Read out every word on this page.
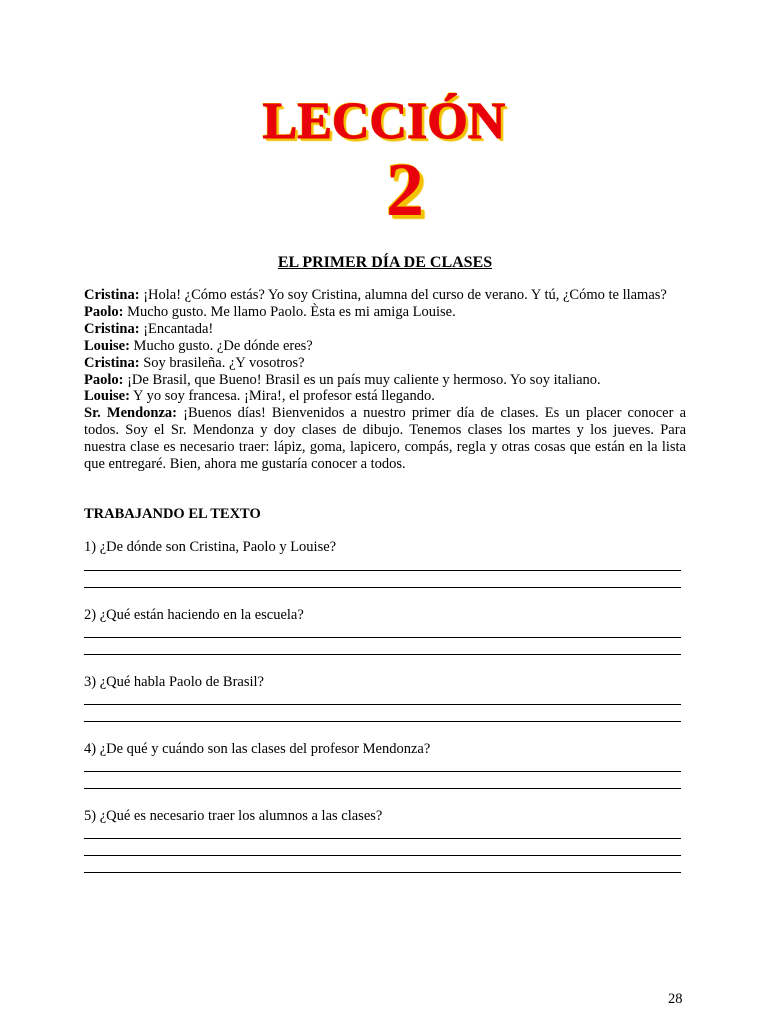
LECCIÓN
2
EL PRIMER DÍA DE CLASES

Cristina: ¡Hola! ¿Cómo estás? Yo soy Cristina, alumna del curso de verano. Y tú, ¿Cómo te llamas?

Paolo: Mucho gusto. Me llamo Paolo. Èsta es mi amiga Louise.

Cristina: ¡Encantada!

Louise: Mucho gusto. ¿De dónde eres?

Cristina: Soy brasileña. ¿Y vosotros?

Paolo: ¡De Brasil, que Bueno! Brasil es un país muy caliente y hermoso. Yo soy italiano.

Louise: Y yo soy francesa. ¡Mira!, el profesor está llegando.

Sr. Mendonza: ¡Buenos días! Bienvenidos a nuestro primer día de clases. Es un placer conocer a todos. Soy el Sr. Mendonza y doy clases de dibujo. Tenemos clases los martes y los jueves. Para nuestra clase es necesario traer: lápiz, goma, lapicero, compás, regla y otras cosas que están en la lista que entregaré. Bien, ahora me gustaría conocer a todos.

TRABAJANDO EL TEXTO
1) ¿De dónde son Cristina, Paolo y Louise?
2) ¿Qué están haciendo en la escuela?
3) ¿Qué habla Paolo de Brasil?
4) ¿De qué y cuándo son las clases del profesor Mendonza?
5) ¿Qué es necesario traer los alumnos a las clases?
28
